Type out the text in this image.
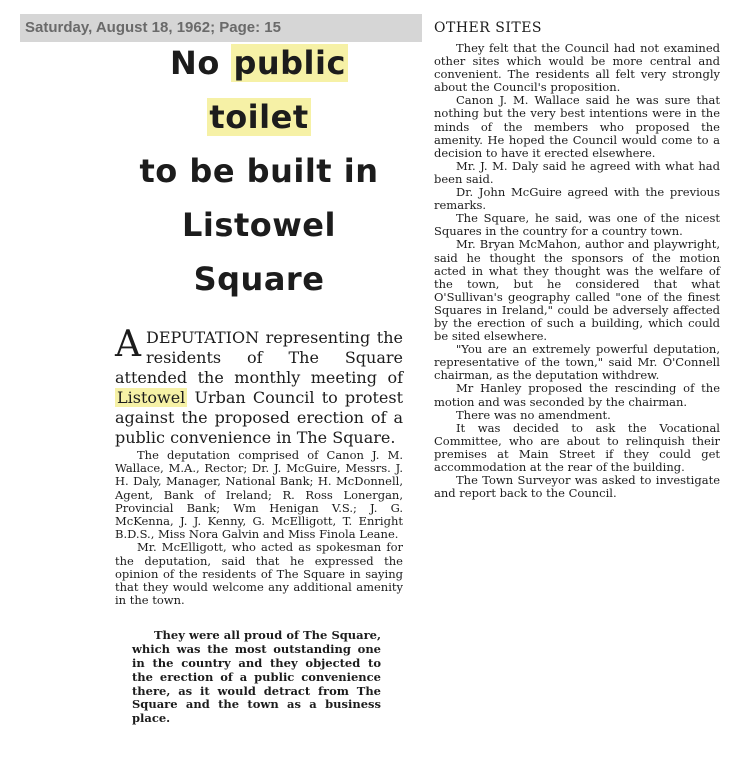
Saturday, August 18, 1962; Page: 15
No public toilet
to be built in
Listowel Square

ADEPUTATION representing the residents of The Square attended the monthly meeting of Listowel Urban Council to protest against the proposed erection of a public convenience in The Square.

The deputation comprised of Canon J. M. Wallace, M.A., Rector; Dr. J. McGuire, Messrs. J. H. Daly, Manager, National Bank; H. McDonnell, Agent, Bank of Ireland; R. Ross Lonergan, Provincial Bank; Wm Henigan V.S.; J. G. McKenna, J. J. Kenny, G. McElligott, T. Enright B.D.S., Miss Nora Galvin and Miss Finola Leane.

Mr. McElligott, who acted as spokesman for the deputation, said that he expressed the opinion of the residents of The Square in saying that they would welcome any additional amenity in the town.

They were all proud of The Square, which was the most outstanding one in the country and they objected to the erection of a public convenience there, as it would detract from The Square and the town as a business place.

OTHER SITES

They felt that the Council had not examined other sites which would be more central and convenient. The residents all felt very strongly about the Council's proposition.

Canon J. M. Wallace said he was sure that nothing but the very best intentions were in the minds of the members who proposed the amenity. He hoped the Council would come to a decision to have it erected elsewhere.

Mr. J. M. Daly said he agreed with what had been said.

Dr. John McGuire agreed with the previous remarks.

The Square, he said, was one of the nicest Squares in the country for a country town.

Mr. Bryan McMahon, author and playwright, said he thought the sponsors of the motion acted in what they thought was the welfare of the town, but he considered that what O'Sullivan's geography called "one of the finest Squares in Ireland," could be adversely affected by the erection of such a building, which could be sited elsewhere.

"You are an extremely powerful deputation, representative of the town," said Mr. O'Connell chairman, as the deputation withdrew.

Mr Hanley proposed the rescinding of the motion and was seconded by the chairman.

There was no amendment.

It was decided to ask the Vocational Committee, who are about to relinquish their premises at Main Street if they could get accommodation at the rear of the building.

The Town Surveyor was asked to investigate and report back to the Council.
